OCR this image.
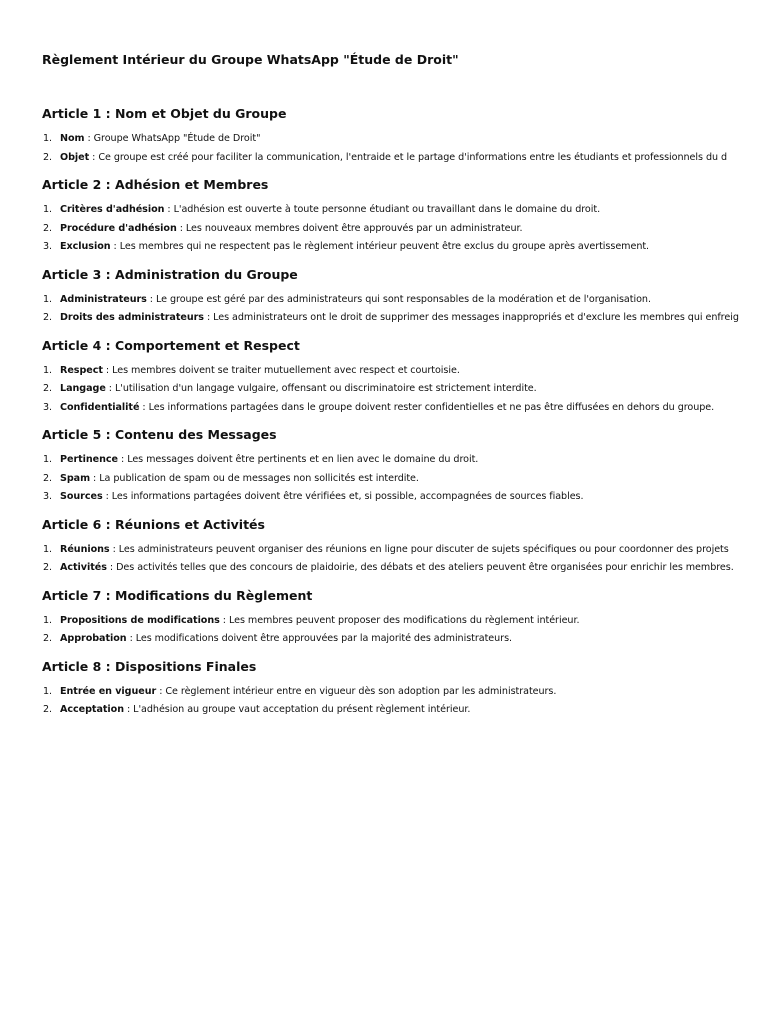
Règlement Intérieur du Groupe WhatsApp "Étude de Droit"
Article 1 : Nom et Objet du Groupe
1. Nom : Groupe WhatsApp "Étude de Droit"
2. Objet : Ce groupe est créé pour faciliter la communication, l'entraide et le partage d'informations entre les étudiants et professionnels du d
Article 2 : Adhésion et Membres
1. Critères d'adhésion : L'adhésion est ouverte à toute personne étudiant ou travaillant dans le domaine du droit.
2. Procédure d'adhésion : Les nouveaux membres doivent être approuvés par un administrateur.
3. Exclusion : Les membres qui ne respectent pas le règlement intérieur peuvent être exclus du groupe après avertissement.
Article 3 : Administration du Groupe
1. Administrateurs : Le groupe est géré par des administrateurs qui sont responsables de la modération et de l'organisation.
2. Droits des administrateurs : Les administrateurs ont le droit de supprimer des messages inappropriés et d'exclure les membres qui enfreig
Article 4 : Comportement et Respect
1. Respect : Les membres doivent se traiter mutuellement avec respect et courtoisie.
2. Langage : L'utilisation d'un langage vulgaire, offensant ou discriminatoire est strictement interdite.
3. Confidentialité : Les informations partagées dans le groupe doivent rester confidentielles et ne pas être diffusées en dehors du groupe.
Article 5 : Contenu des Messages
1. Pertinence : Les messages doivent être pertinents et en lien avec le domaine du droit.
2. Spam : La publication de spam ou de messages non sollicités est interdite.
3. Sources : Les informations partagées doivent être vérifiées et, si possible, accompagnées de sources fiables.
Article 6 : Réunions et Activités
1. Réunions : Les administrateurs peuvent organiser des réunions en ligne pour discuter de sujets spécifiques ou pour coordonner des projets
2. Activités : Des activités telles que des concours de plaidoirie, des débats et des ateliers peuvent être organisées pour enrichir les membres.
Article 7 : Modifications du Règlement
1. Propositions de modifications : Les membres peuvent proposer des modifications du règlement intérieur.
2. Approbation : Les modifications doivent être approuvées par la majorité des administrateurs.
Article 8 : Dispositions Finales
1. Entrée en vigueur : Ce règlement intérieur entre en vigueur dès son adoption par les administrateurs.
2. Acceptation : L'adhésion au groupe vaut acceptation du présent règlement intérieur.
